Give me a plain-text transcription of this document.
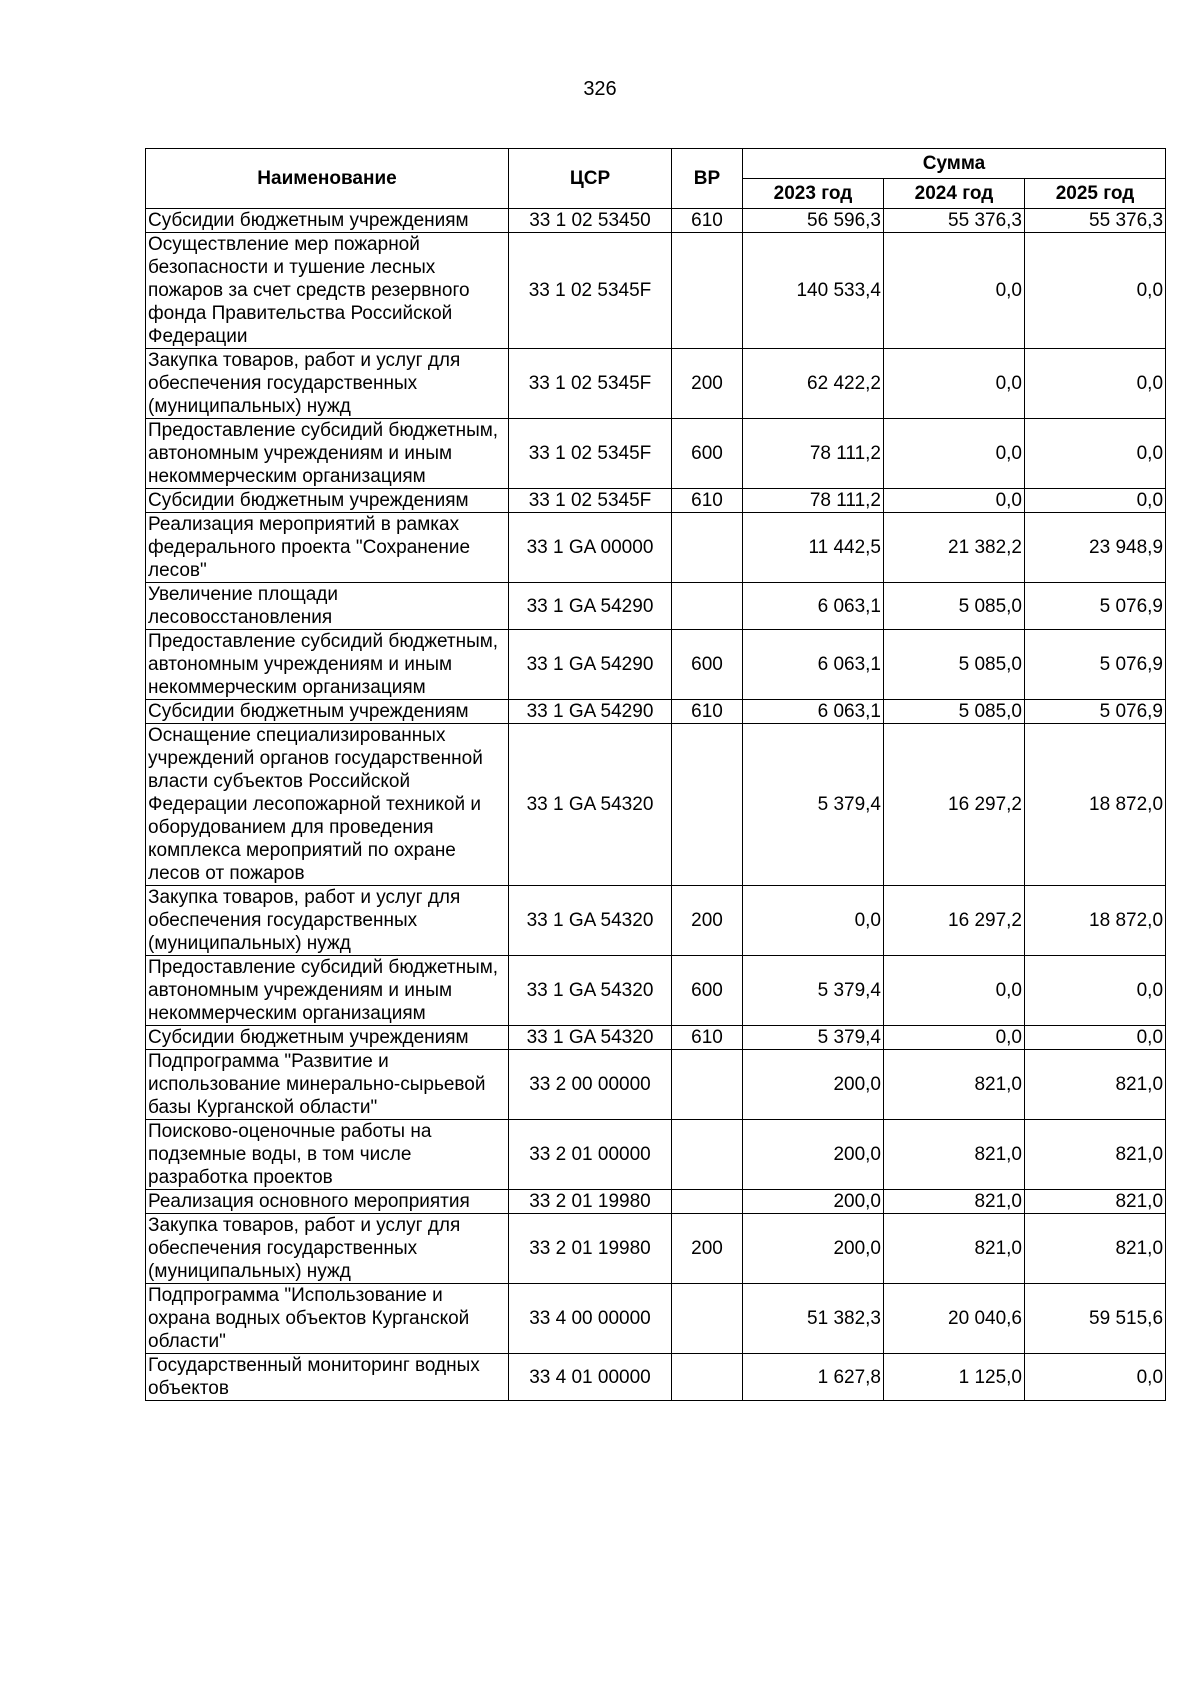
326
Наименование	ЦСР	ВР	Сумма		
			2023 год	2024 год	2025 год
Субсидии бюджетным учреждениям	33 1 02 53450	610	56 596,3	55 376,3	55 376,3
Осуществление мер пожарной безопасности и тушение лесных пожаров за счет средств резервного фонда Правительства Российской Федерации	33 1 02 5345F		140 533,4	0,0	0,0
Закупка товаров, работ и услуг для обеспечения государственных (муниципальных) нужд	33 1 02 5345F	200	62 422,2	0,0	0,0
Предоставление субсидий бюджетным, автономным учреждениям и иным некоммерческим организациям	33 1 02 5345F	600	78 111,2	0,0	0,0
Субсидии бюджетным учреждениям	33 1 02 5345F	610	78 111,2	0,0	0,0
Реализация мероприятий в рамках федерального проекта "Сохранение лесов"	33 1 GA 00000		11 442,5	21 382,2	23 948,9
Увеличение площади лесовосстановления	33 1 GA 54290		6 063,1	5 085,0	5 076,9
Предоставление субсидий бюджетным, автономным учреждениям и иным некоммерческим организациям	33 1 GA 54290	600	6 063,1	5 085,0	5 076,9
Субсидии бюджетным учреждениям	33 1 GA 54290	610	6 063,1	5 085,0	5 076,9
Оснащение специализированных учреждений органов государственной власти субъектов Российской Федерации лесопожарной техникой и оборудованием для проведения комплекса мероприятий по охране лесов от пожаров	33 1 GA 54320		5 379,4	16 297,2	18 872,0
Закупка товаров, работ и услуг для обеспечения государственных (муниципальных) нужд	33 1 GA 54320	200	0,0	16 297,2	18 872,0
Предоставление субсидий бюджетным, автономным учреждениям и иным некоммерческим организациям	33 1 GA 54320	600	5 379,4	0,0	0,0
Субсидии бюджетным учреждениям	33 1 GA 54320	610	5 379,4	0,0	0,0
Подпрограмма "Развитие и использование минерально-сырьевой базы Курганской области"	33 2 00 00000		200,0	821,0	821,0
Поисково-оценочные работы на подземные воды, в том числе разработка проектов	33 2 01 00000		200,0	821,0	821,0
Реализация основного мероприятия	33 2 01 19980		200,0	821,0	821,0
Закупка товаров, работ и услуг для обеспечения государственных (муниципальных) нужд	33 2 01 19980	200	200,0	821,0	821,0
Подпрограмма "Использование и охрана водных объектов Курганской области"	33 4 00 00000		51 382,3	20 040,6	59 515,6
Государственный мониторинг водных объектов	33 4 01 00000		1 627,8	1 125,0	0,0
